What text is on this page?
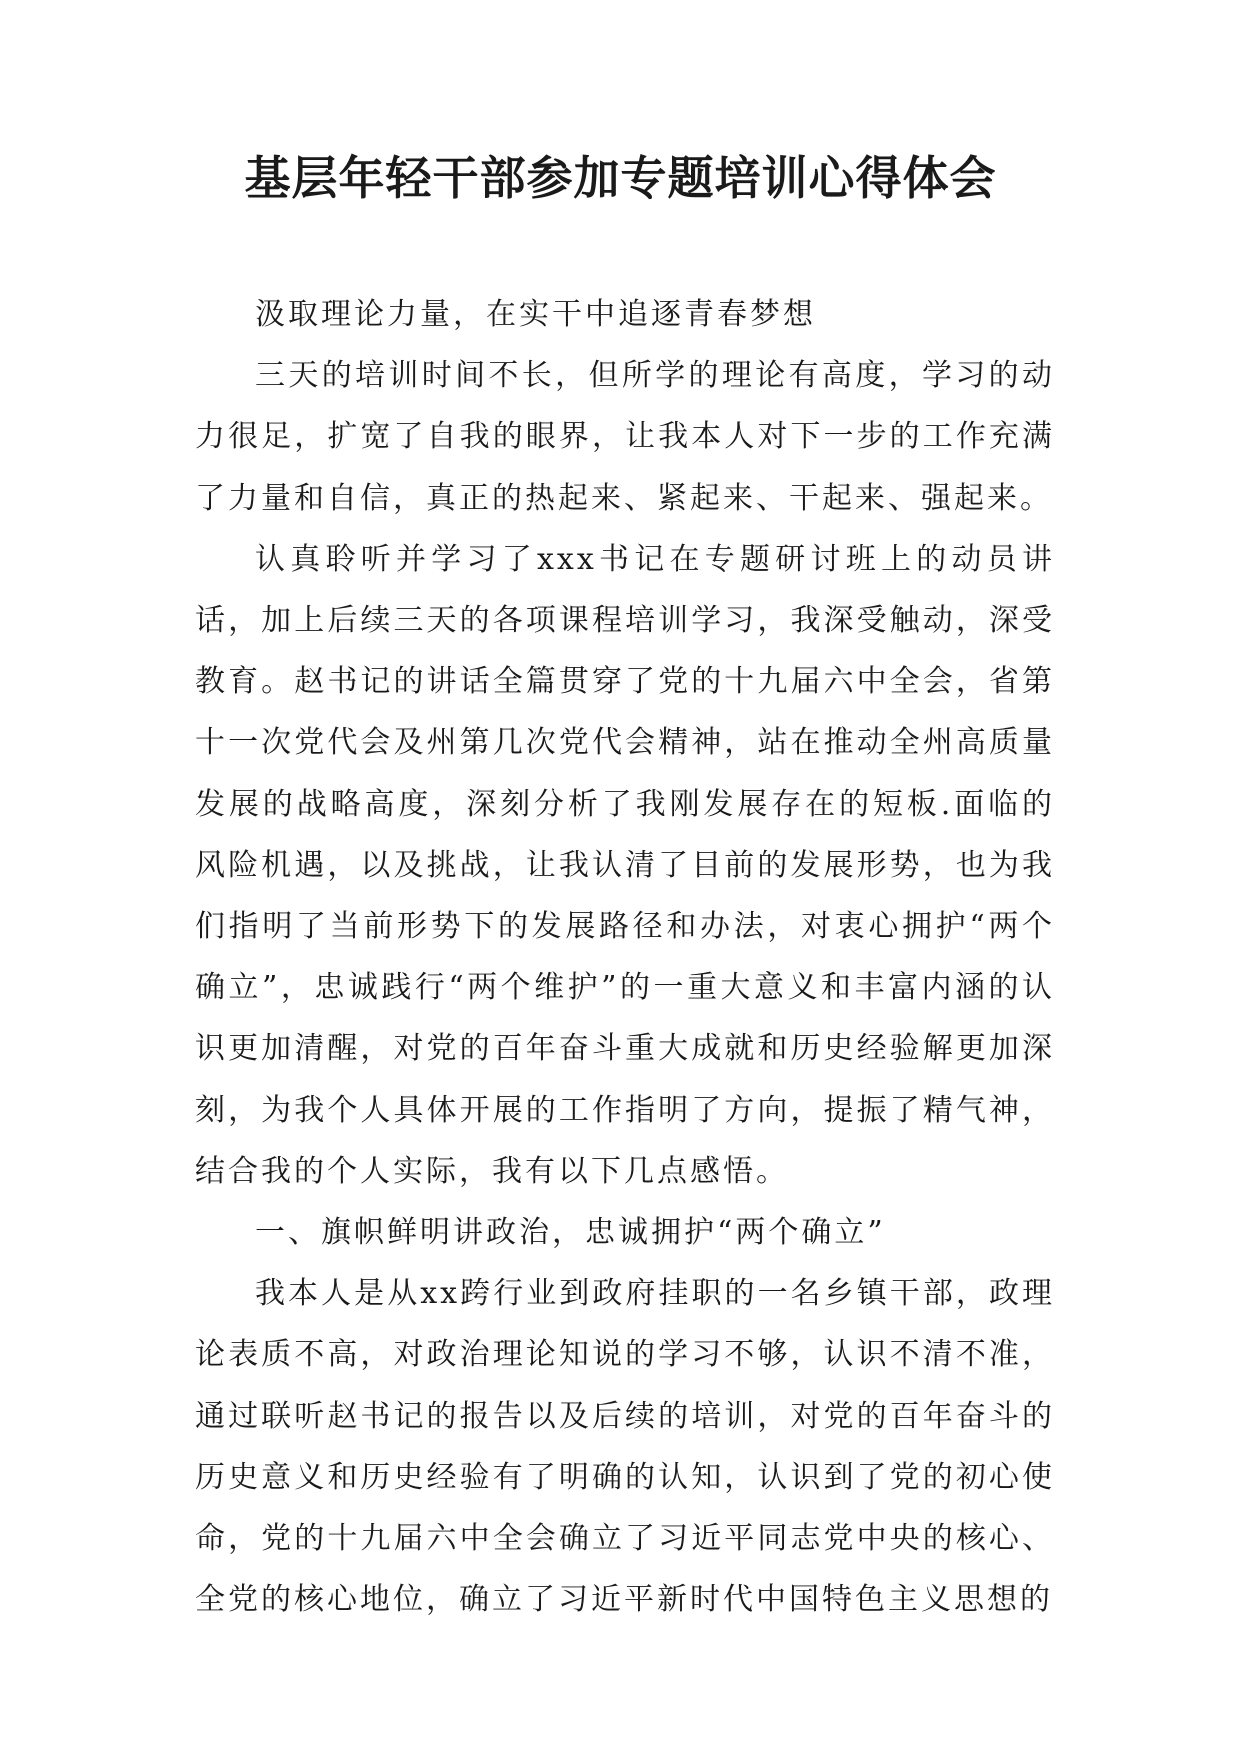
基层年轻干部参加专题培训心得体会

汲取理论力量，在实干中追逐青春梦想

三天的培训时间不长，但所学的理论有高度，学习的动力很足，扩宽了自我的眼界，让我本人对下一步的工作充满了力量和自信，真正的热起来、紧起来、干起来、强起来。

认真聆听并学习了xxx书记在专题研讨班上的动员讲话，加上后续三天的各项课程培训学习，我深受触动，深受教育。赵书记的讲话全篇贯穿了党的十九届六中全会，省第十一次党代会及州第几次党代会精神，站在推动全州高质量发展的战略高度，深刻分析了我刚发展存在的短板.面临的风险机遇，以及挑战，让我认清了目前的发展形势，也为我们指明了当前形势下的发展路径和办法，对衷心拥护“两个确立”，忠诚践行“两个维护”的一重大意义和丰富内涵的认识更加清醒，对党的百年奋斗重大成就和历史经验解更加深刻，为我个人具体开展的工作指明了方向，提振了精气神，结合我的个人实际，我有以下几点感悟。

一、旗帜鲜明讲政治，忠诚拥护“两个确立”

我本人是从xx跨行业到政府挂职的一名乡镇干部，政理论表质不高，对政治理论知说的学习不够，认识不清不准，通过联听赵书记的报告以及后续的培训，对党的百年奋斗的历史意义和历史经验有了明确的认知，认识到了党的初心使命，党的十九届六中全会确立了习近平同志党中央的核心、全党的核心地位，确立了习近平新时代中国特色主义思想的
